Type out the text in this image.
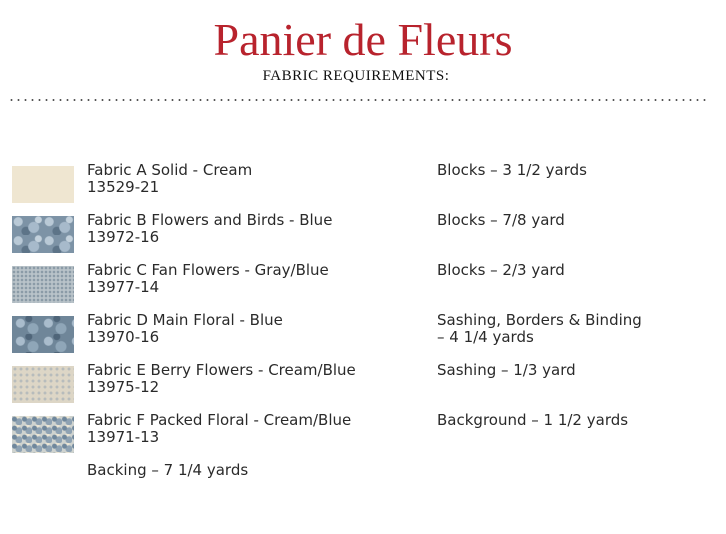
Panier de Fleurs
FABRIC REQUIREMENTS:
Fabric A Solid - Cream
13529-21
Blocks – 3 1/2 yards
Fabric B Flowers and Birds - Blue
13972-16
Blocks – 7/8 yard
Fabric C Fan Flowers - Gray/Blue
13977-14
Blocks – 2/3 yard
Fabric D Main Floral - Blue
13970-16
Sashing, Borders & Binding
– 4 1/4 yards
Fabric E Berry Flowers - Cream/Blue
13975-12
Sashing – 1/3 yard
Fabric F Packed Floral - Cream/Blue
13971-13
Background – 1 1/2 yards
Backing – 7 1/4 yards
